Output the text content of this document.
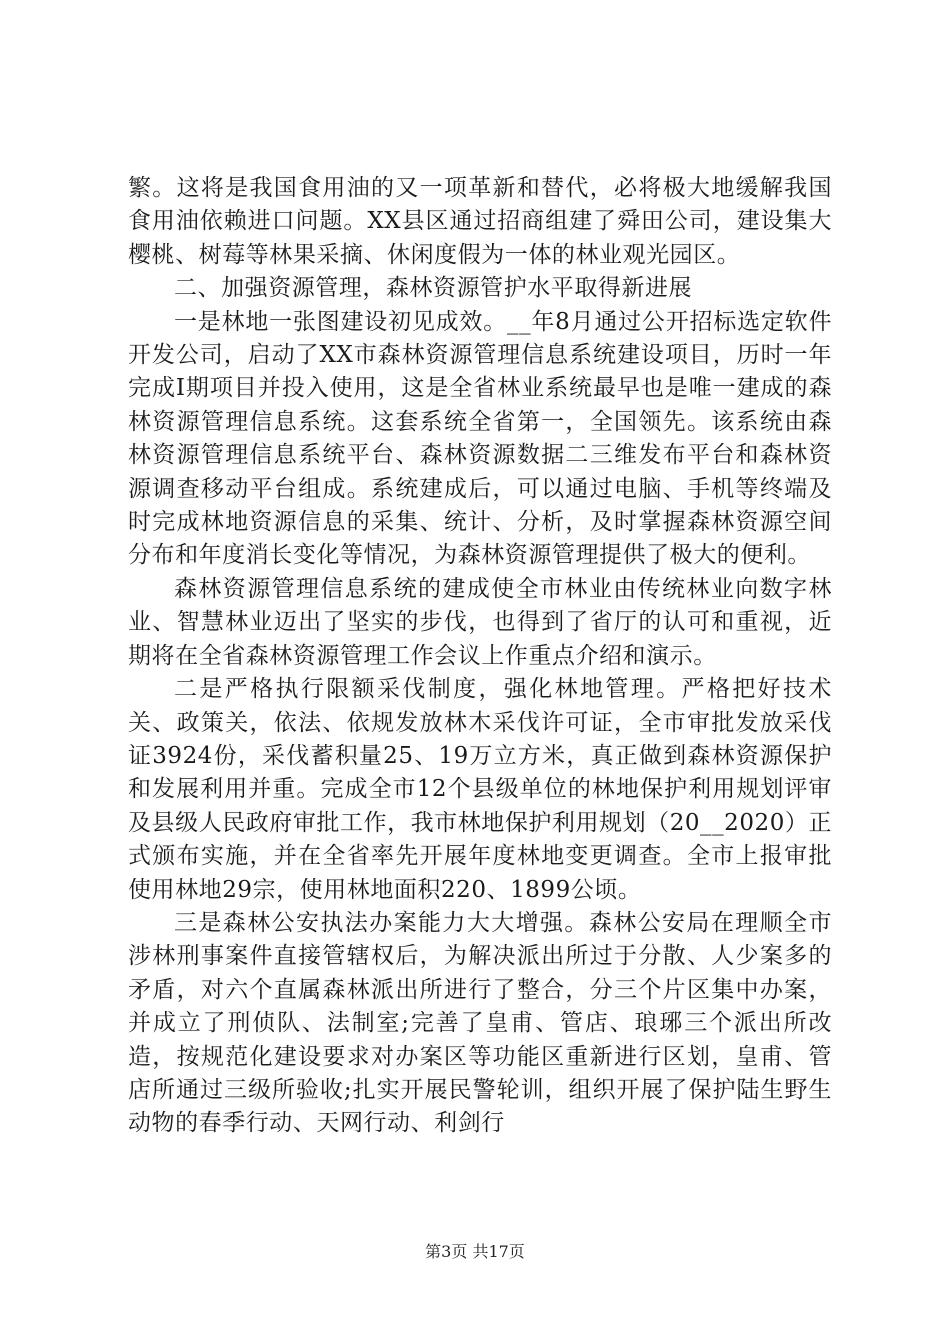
繁。这将是我国食用油的又一项革新和替代，必将极大地缓解我国食用油依赖进口问题。XX县区通过招商组建了舜田公司，建设集大樱桃、树莓等林果采摘、休闲度假为一体的林业观光园区。

二、加强资源管理，森林资源管护水平取得新进展

一是林地一张图建设初见成效。__年8月通过公开招标选定软件开发公司，启动了XX市森林资源管理信息系统建设项目，历时一年完成Ⅰ期项目并投入使用，这是全省林业系统最早也是唯一建成的森林资源管理信息系统。这套系统全省第一，全国领先。该系统由森林资源管理信息系统平台、森林资源数据二三维发布平台和森林资源调查移动平台组成。系统建成后，可以通过电脑、手机等终端及时完成林地资源信息的采集、统计、分析，及时掌握森林资源空间分布和年度消长变化等情况，为森林资源管理提供了极大的便利。

森林资源管理信息系统的建成使全市林业由传统林业向数字林业、智慧林业迈出了坚实的步伐，也得到了省厅的认可和重视，近期将在全省森林资源管理工作会议上作重点介绍和演示。

二是严格执行限额采伐制度，强化林地管理。严格把好技术关、政策关，依法、依规发放林木采伐许可证，全市审批发放采伐证3924份，采伐蓄积量25、19万立方米，真正做到森林资源保护和发展利用并重。完成全市12个县级单位的林地保护利用规划评审及县级人民政府审批工作，我市林地保护利用规划（20__2020）正式颁布实施，并在全省率先开展年度林地变更调查。全市上报审批使用林地29宗，使用林地面积220、1899公顷。

三是森林公安执法办案能力大大增强。森林公安局在理顺全市涉林刑事案件直接管辖权后，为解决派出所过于分散、人少案多的矛盾，对六个直属森林派出所进行了整合，分三个片区集中办案，并成立了刑侦队、法制室;完善了皇甫、管店、琅琊三个派出所改造，按规范化建设要求对办案区等功能区重新进行区划，皇甫、管店所通过三级所验收;扎实开展民警轮训，组织开展了保护陆生野生动物的春季行动、天网行动、利剑行

第3页 共17页
